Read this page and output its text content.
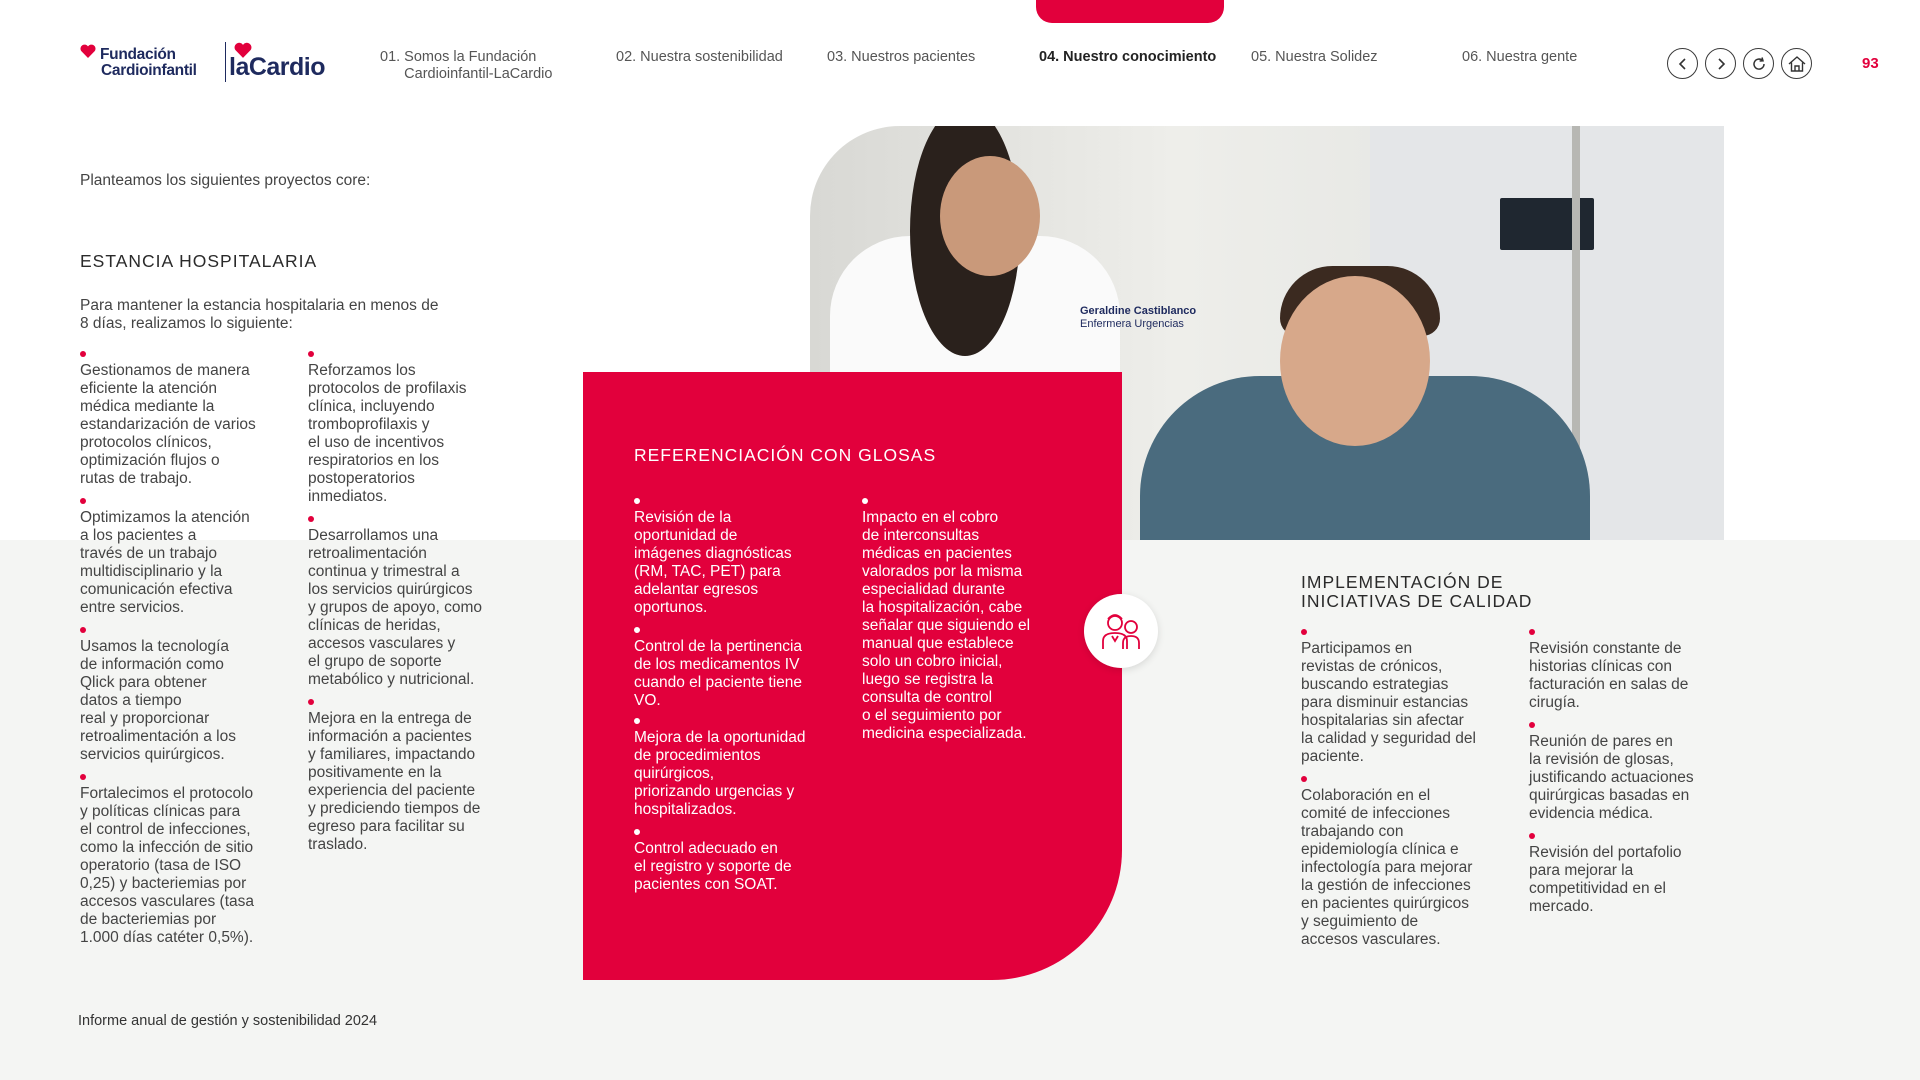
Fundación
Cardioinfantil laCardio	01. Somos la Fundación
Cardioinfantil-LaCardio
02. Nuestra sostenibilidad	03. Nuestros pacientes	04. Nuestro conocimiento 05. Nuestra Solidez	06. Nuestra gente	93
Planteamos los siguientes proyectos core:
ESTANCIA HOSPITALARIA
Para mantener la estancia hospitalaria en menos de
8 días, realizamos lo siguiente:
Gestionamos de manera
eficiente la atención
médica mediante la
estandarización de varios
protocolos clínicos,
optimización flujos o
rutas de trabajo.
Optimizamos la atención
a los pacientes a
través de un trabajo
multidisciplinario y la
comunicación efectiva
entre servicios.
Usamos la tecnología
de información como
Qlick para obtener
datos a tiempo
real y proporcionar
retroalimentación a los
servicios quirúrgicos.
Fortalecimos el protocolo
y políticas clínicas para
el control de infecciones,
como la infección de sitio
operatorio (tasa de ISO
0,25) y bacteriemias por
accesos vasculares (tasa
de bacteriemias por
1.000 días catéter 0,5%).
Reforzamos los
protocolos de profilaxis
clínica, incluyendo
tromboprofilaxis y
el uso de incentivos
respiratorios en los
postoperatorios
inmediatos.
Desarrollamos una
retroalimentación
continua y trimestral a
los servicios quirúrgicos
y grupos de apoyo, como
clínicas de heridas,
accesos vasculares y
el grupo de soporte
metabólico y nutricional.
Mejora en la entrega de
información a pacientes
y familiares, impactando
positivamente en la
experiencia del paciente
y prediciendo tiempos de
egreso para facilitar su
traslado.
Geraldine Castiblanco
Enfermera Urgencias
REFERENCIACIÓN CON GLOSAS
Revisión de la
oportunidad de
imágenes diagnósticas
(RM, TAC, PET) para
adelantar egresos
oportunos.
Control de la pertinencia
de los medicamentos IV
cuando el paciente tiene
VO.
Mejora de la oportunidad
de procedimientos
quirúrgicos,
priorizando urgencias y
hospitalizados.
Control adecuado en
el registro y soporte de
pacientes con SOAT.
Impacto en el cobro
de interconsultas
médicas en pacientes
valorados por la misma
especialidad durante
la hospitalización, cabe
señalar que siguiendo el
manual que establece
solo un cobro inicial,
luego se registra la
consulta de control
o el seguimiento por
medicina especializada.
IMPLEMENTACIÓN DE
INICIATIVAS DE CALIDAD
Participamos en
revistas de crónicos,
buscando estrategias
para disminuir estancias
hospitalarias sin afectar
la calidad y seguridad del
paciente.
Colaboración en el
comité de infecciones
trabajando con
epidemiología clínica e
infectología para mejorar
la gestión de infecciones
en pacientes quirúrgicos
y seguimiento de
accesos vasculares.
Revisión constante de
historias clínicas con
facturación en salas de
cirugía.
Reunión de pares en
la revisión de glosas,
justificando actuaciones
quirúrgicas basadas en
evidencia médica.
Revisión del portafolio
para mejorar la
competitividad en el
mercado.
Informe anual de gestión y sostenibilidad 2024
